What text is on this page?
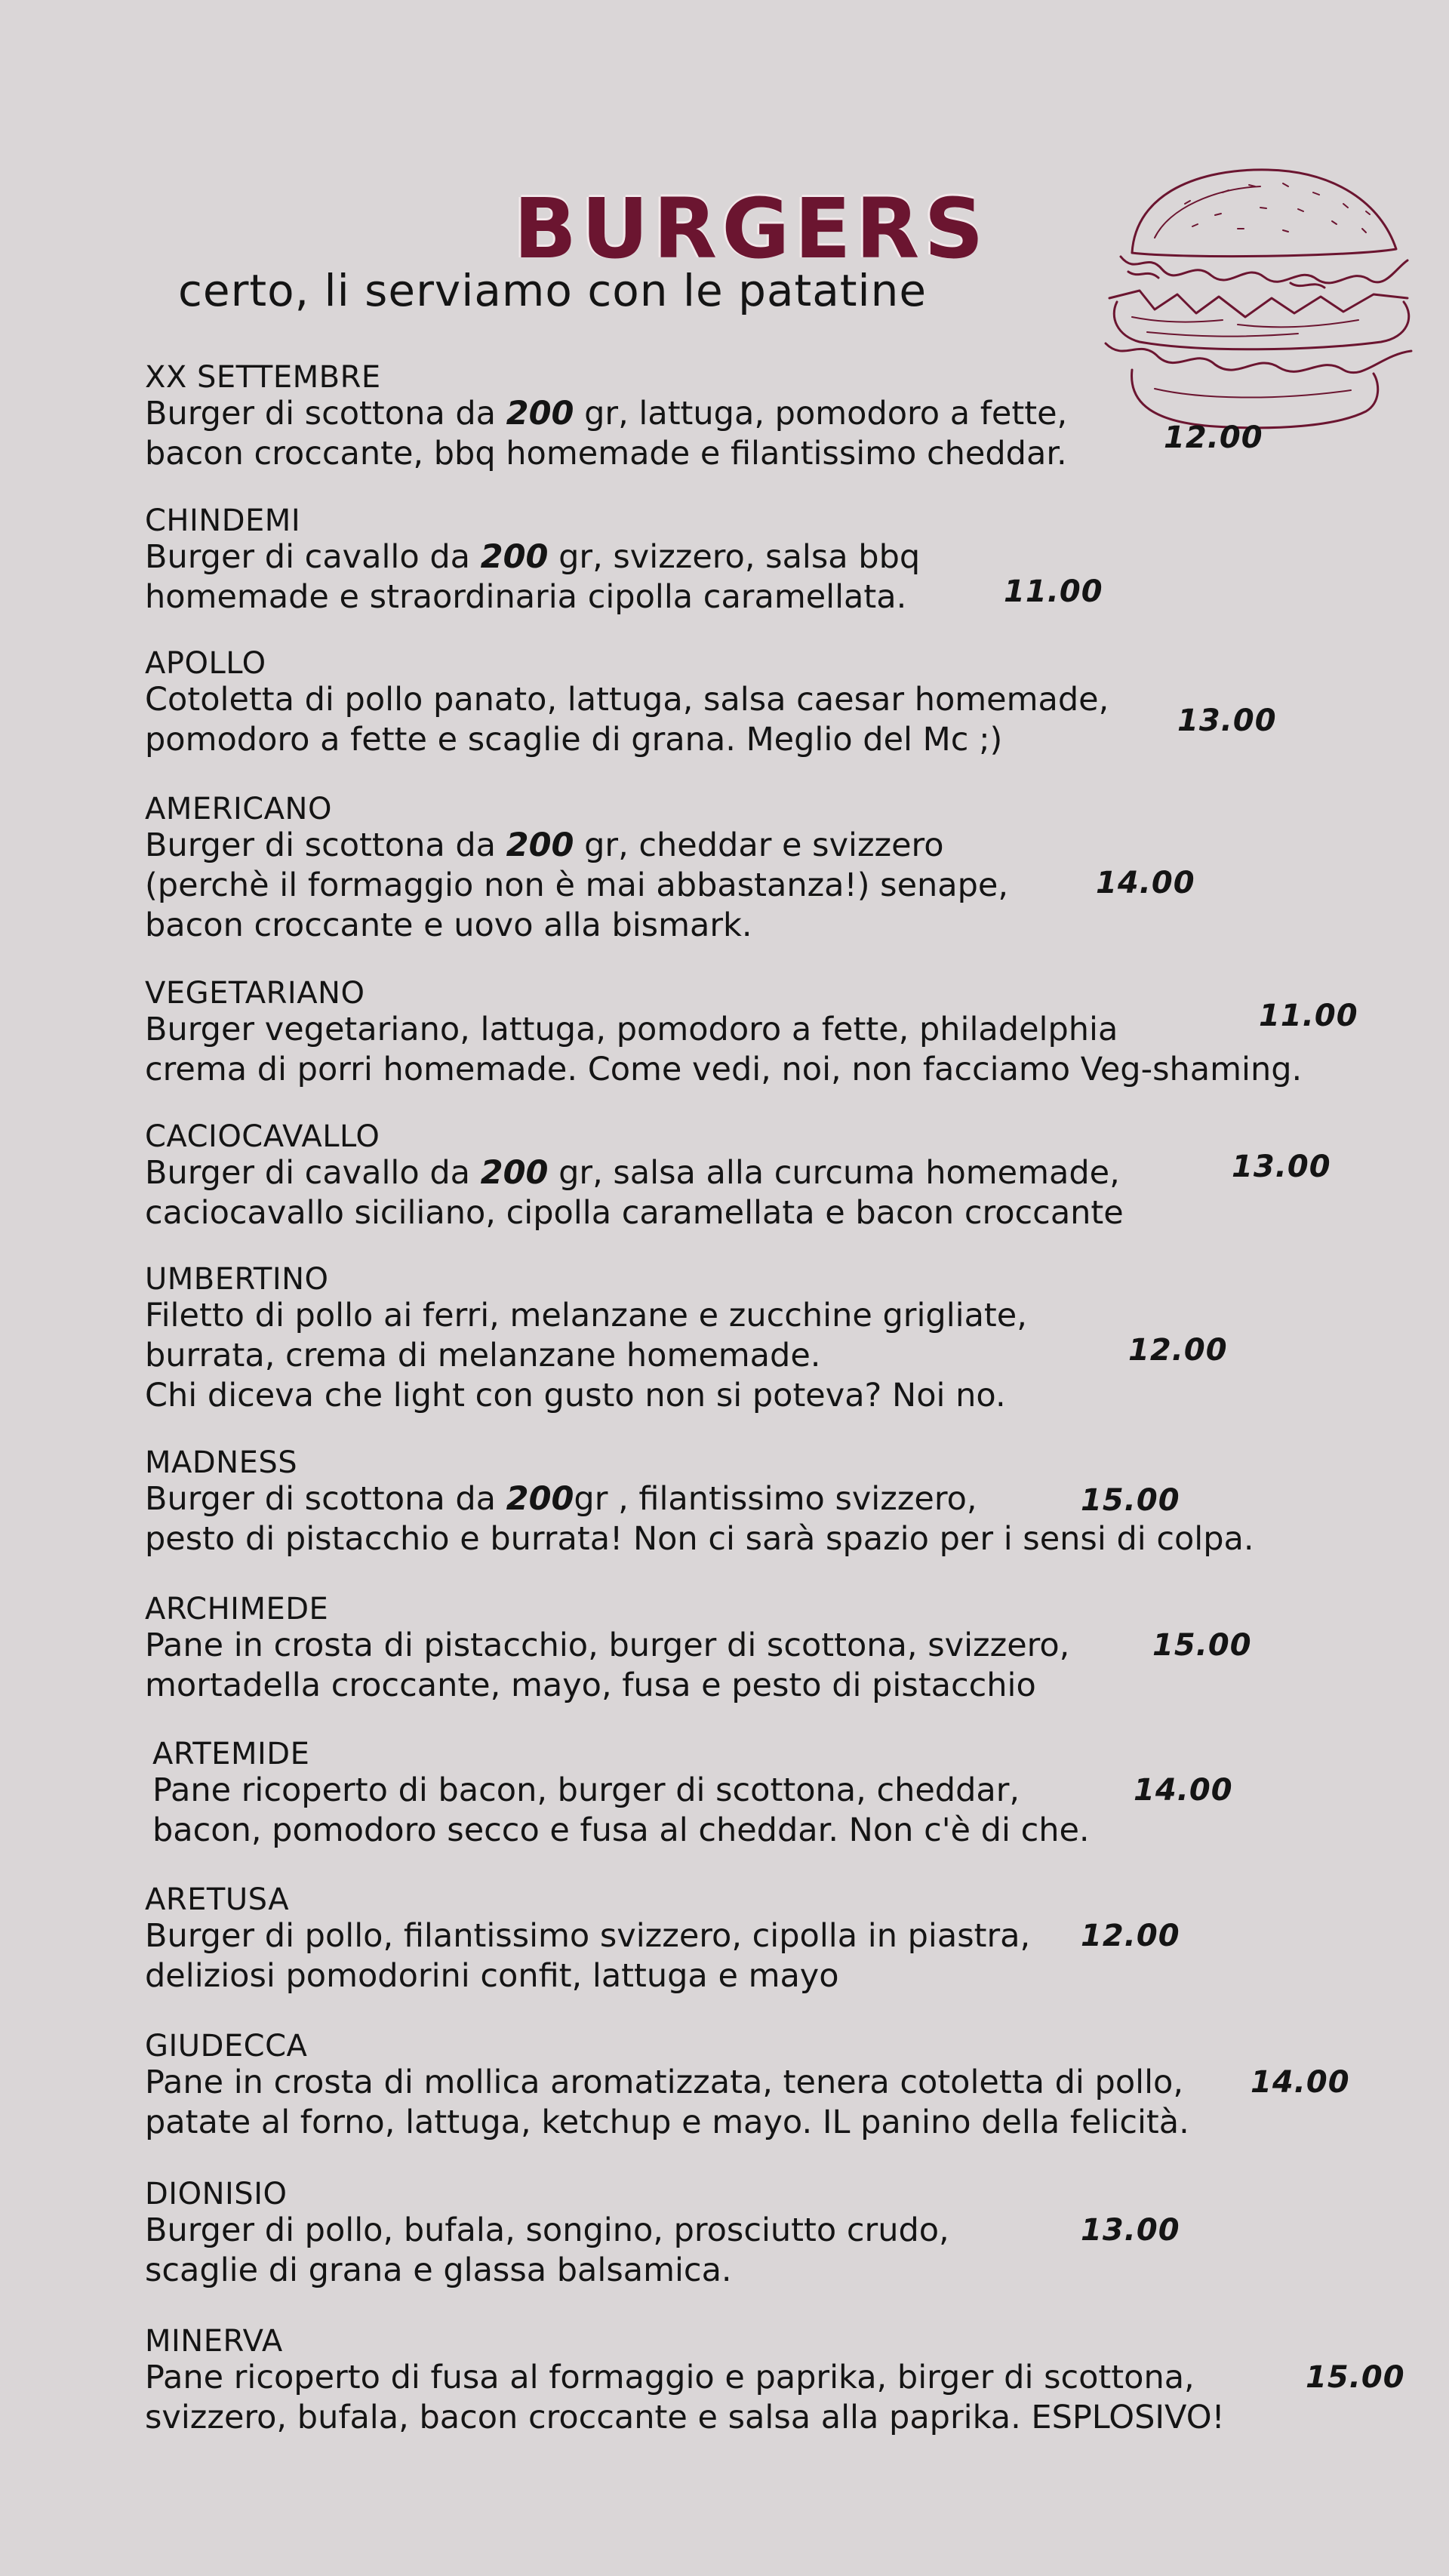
BURGERS
certo, li serviamo con le patatine
XX SETTEMBRE
Burger di scottona da 200 gr, lattuga, pomodoro a fette,
bacon croccante, bbq homemade e filantissimo cheddar.	12.00
CHINDEMI
Burger di cavallo da 200 gr, svizzero, salsa bbq
homemade e straordinaria cipolla caramellata.	11.00
APOLLO
Cotoletta di pollo panato, lattuga, salsa caesar homemade,
pomodoro a fette e scaglie di grana. Meglio del Mc ;)	13.00
AMERICANO
Burger di scottona da 200 gr, cheddar e svizzero
(perchè il formaggio non è mai abbastanza!) senape,
bacon croccante e uovo alla bismark.
14.00
VEGETARIANO
Burger vegetariano, lattuga, pomodoro a fette, philadelphia
crema di porri homemade. Come vedi, noi, non facciamo Veg-shaming.
11.00
CACIOCAVALLO
Burger di cavallo da 200 gr, salsa alla curcuma homemade,
caciocavallo siciliano, cipolla caramellata e bacon croccante
13.00
UMBERTINO
Filetto di pollo ai ferri, melanzane e zucchine grigliate,
burrata, crema di melanzane homemade.
Chi diceva che light con gusto non si poteva? Noi no.
12.00
MADNESS
Burger di scottona da 200gr , filantissimo svizzero,
pesto di pistacchio e burrata! Non ci sarà spazio per i sensi di colpa.
15.00
ARCHIMEDE
Pane in crosta di pistacchio, burger di scottona, svizzero,
mortadella croccante, mayo, fusa e pesto di pistacchio
15.00
ARTEMIDE
Pane ricoperto di bacon, burger di scottona, cheddar,
bacon, pomodoro secco e fusa al cheddar. Non c'è di che.
14.00
ARETUSA
Burger di pollo, filantissimo svizzero, cipolla in piastra,
deliziosi pomodorini confit, lattuga e mayo
12.00
GIUDECCA
Pane in crosta di mollica aromatizzata, tenera cotoletta di pollo,
patate al forno, lattuga, ketchup e mayo. IL panino della felicità.
14.00
DIONISIO
Burger di pollo, bufala, songino, prosciutto crudo,
scaglie di grana e glassa balsamica.
13.00
MINERVA
Pane ricoperto di fusa al formaggio e paprika, birger di scottona,
svizzero, bufala, bacon croccante e salsa alla paprika. ESPLOSIVO!
15.00
